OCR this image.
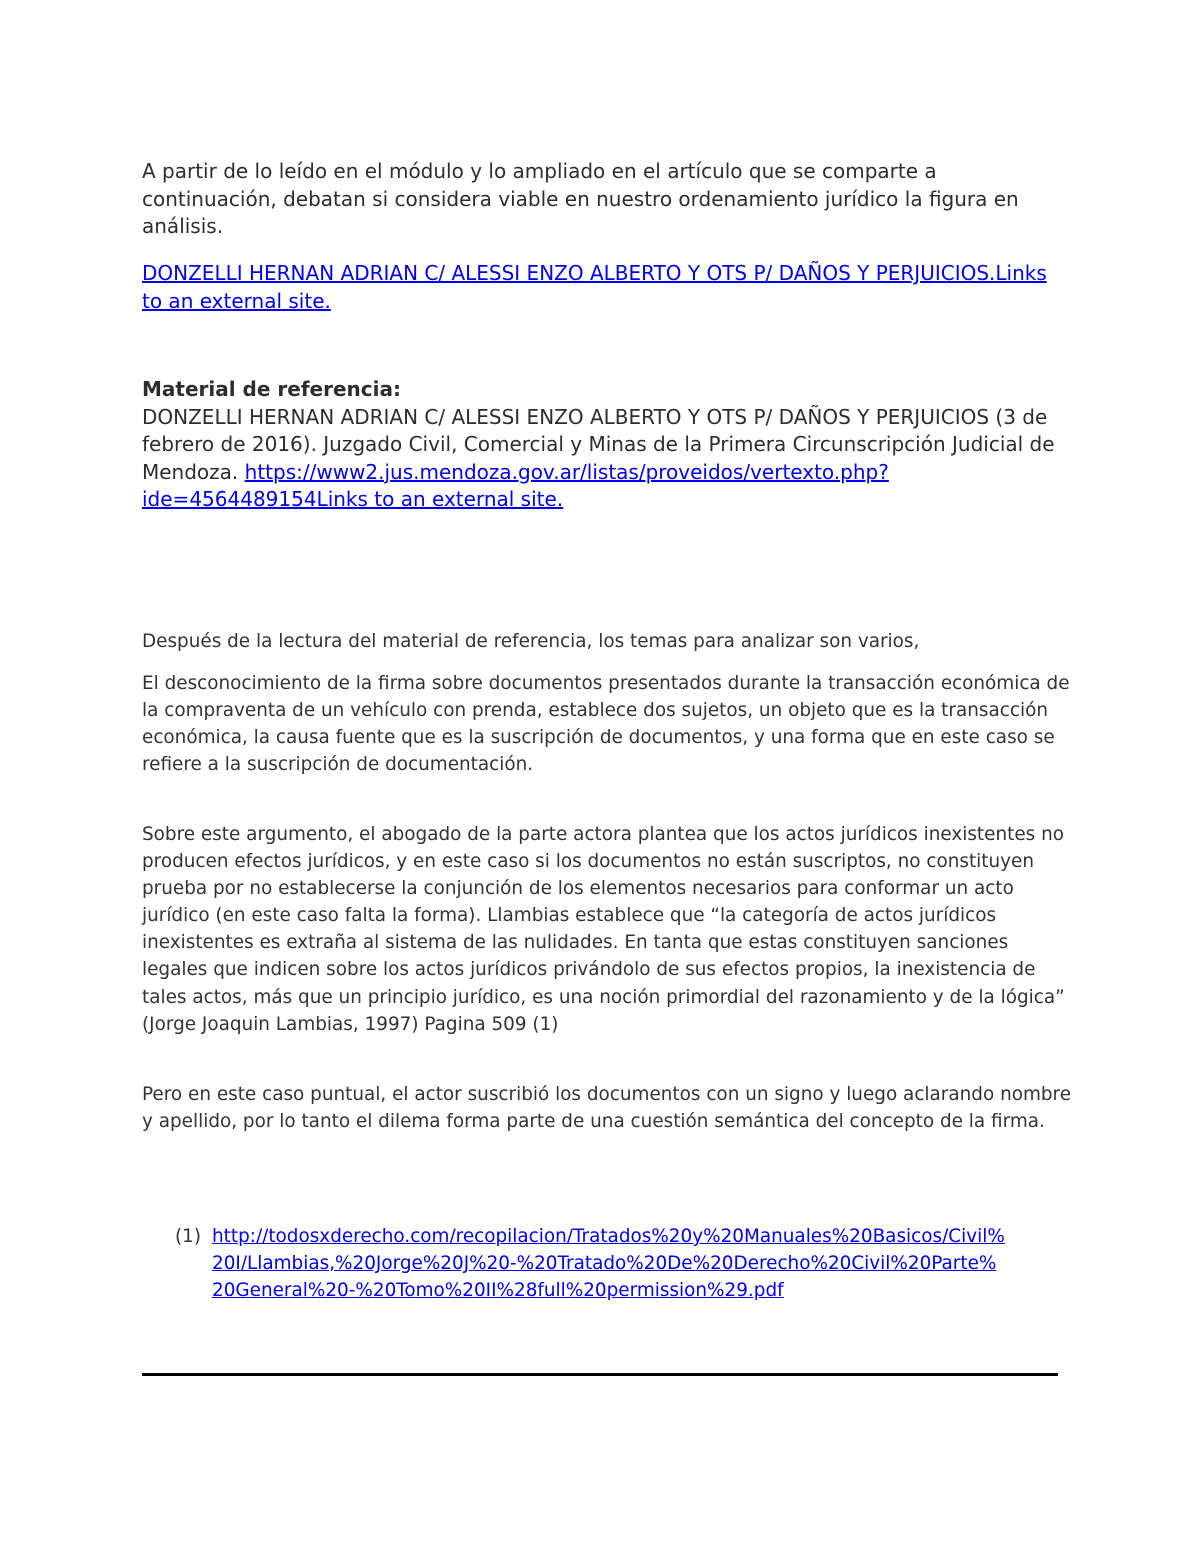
A partir de lo leído en el módulo y lo ampliado en el artículo que se comparte a continuación, debatan si considera viable en nuestro ordenamiento jurídico la figura en análisis.

DONZELLI HERNAN ADRIAN C/ ALESSI ENZO ALBERTO Y OTS P/ DAÑOS Y PERJUICIOS.Links to an external site.

Material de referencia:
DONZELLI HERNAN ADRIAN C/ ALESSI ENZO ALBERTO Y OTS P/ DAÑOS Y PERJUICIOS (3 de febrero de 2016). Juzgado Civil, Comercial y Minas de la Primera Circunscripción Judicial de Mendoza. https://www2.jus.mendoza.gov.ar/listas/proveidos/vertexto.php?ide=4564489154Links to an external site.

Después de la lectura del material de referencia, los temas para analizar son varios,

El desconocimiento de la firma sobre documentos presentados durante la transacción económica de la compraventa de un vehículo con prenda, establece dos sujetos, un objeto que es la transacción económica, la causa fuente que es la suscripción de documentos, y una forma que en este caso se refiere a la suscripción de documentación.

Sobre este argumento, el abogado de la parte actora plantea que los actos jurídicos inexistentes no producen efectos jurídicos, y en este caso si los documentos no están suscriptos, no constituyen prueba por no establecerse la conjunción de los elementos necesarios para conformar un acto jurídico (en este caso falta la forma). Llambias establece que “la categoría de actos jurídicos inexistentes es extraña al sistema de las nulidades. En tanta que estas constituyen sanciones legales que indicen sobre los actos jurídicos privándolo de sus efectos propios, la inexistencia de tales actos, más que un principio jurídico, es una noción primordial del razonamiento y de la lógica” (Jorge Joaquin Lambias, 1997) Pagina 509 (1)

Pero en este caso puntual, el actor suscribió los documentos con un signo y luego aclarando nombre y apellido, por lo tanto el dilema forma parte de una cuestión semántica del concepto de la firma.

(1) http://todosxderecho.com/recopilacion/Tratados%20y%20Manuales%20Basicos/Civil%20I/Llambias,%20Jorge%20J%20-%20Tratado%20De%20Derecho%20Civil%20Parte%20General%20-%20Tomo%20II%28full%20permission%29.pdf
